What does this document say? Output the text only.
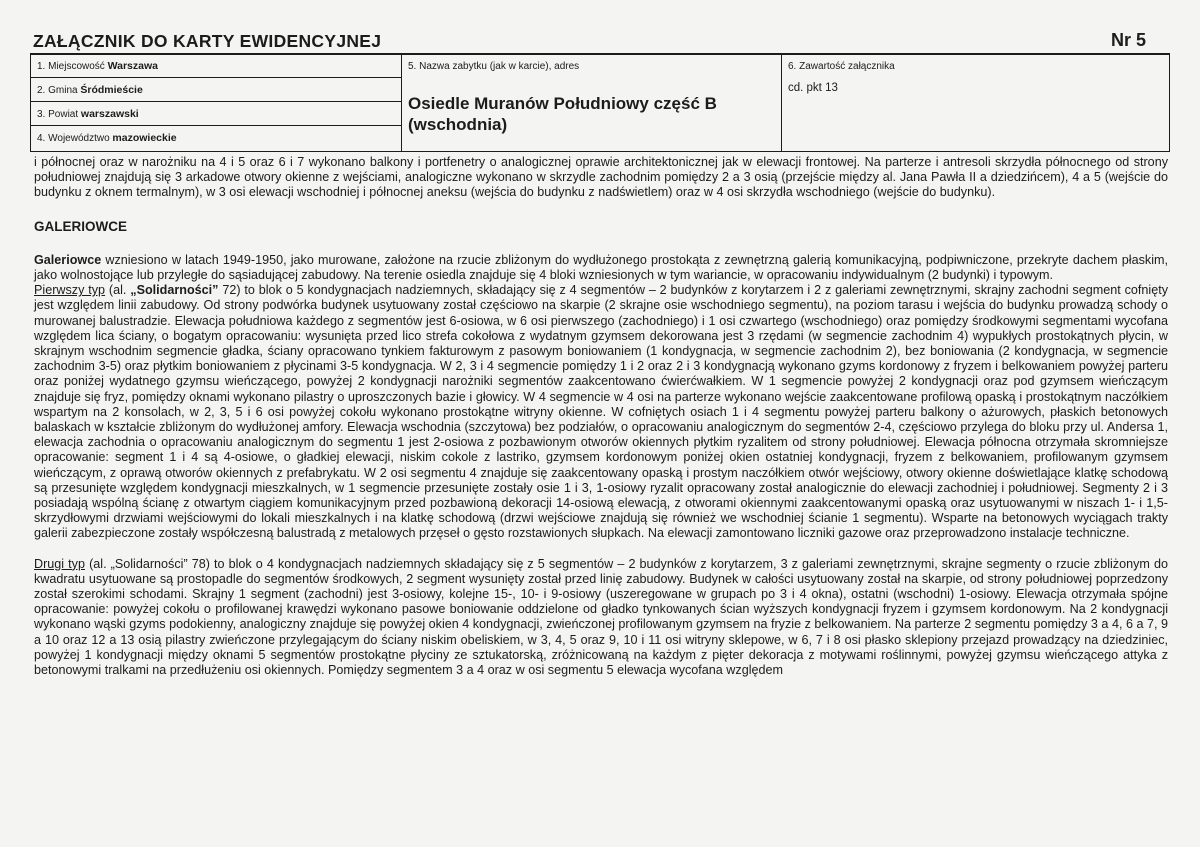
ZAŁĄCZNIK DO KARTY EWIDENCYJNEJ	Nr 5
1. Miejscowość Warszawa
2. Gmina Śródmieście
3. Powiat warszawski
4. Województwo mazowieckie
5. Nazwa zabytku (jak w karcie), adres
Osiedle Muranów Południowy część B (wschodnia)
6. Zawartość załącznika
cd. pkt 13

i północnej oraz w narożniku na 4 i 5 oraz 6 i 7 wykonano balkony i portfenetry o analogicznej oprawie architektonicznej jak w elewacji frontowej. Na parterze i antresoli skrzydła północnego od strony południowej znajdują się 3 arkadowe otwory okienne z wejściami, analogiczne wykonano w skrzydle zachodnim pomiędzy 2 a 3 osią (przejście między al. Jana Pawła II a dziedzińcem), 4 a 5 (wejście do budynku z oknem termalnym), w 3 osi elewacji wschodniej i północnej aneksu (wejścia do budynku z nadświetlem) oraz w 4 osi skrzydła wschodniego (wejście do budynku).

GALERIOWCE

Galeriowce wzniesiono w latach 1949-1950, jako murowane, założone na rzucie zbliżonym do wydłużonego prostokąta z zewnętrzną galerią komunikacyjną, podpiwniczone, przekryte dachem płaskim, jako wolnostojące lub przyległe do sąsiadującej zabudowy. Na terenie osiedla znajduje się 4 bloki wzniesionych w tym wariancie, w opracowaniu indywidualnym (2 budynki) i typowym.

Pierwszy typ (al. „Solidarności” 72) to blok o 5 kondygnacjach nadziemnych, składający się z 4 segmentów – 2 budynków z korytarzem i 2 z galeriami zewnętrznymi, skrajny zachodni segment cofnięty jest względem linii zabudowy. Od strony podwórka budynek usytuowany został częściowo na skarpie (2 skrajne osie wschodniego segmentu), na poziom tarasu i wejścia do budynku prowadzą schody o murowanej balustradzie. Elewacja południowa każdego z segmentów jest 6-osiowa, w 6 osi pierwszego (zachodniego) i 1 osi czwartego (wschodniego) oraz pomiędzy środkowymi segmentami wycofana względem lica ściany, o bogatym opracowaniu: wysunięta przed lico strefa cokołowa z wydatnym gzymsem dekorowana jest 3 rzędami (w segmencie zachodnim 4) wypukłych prostokątnych płycin, w skrajnym wschodnim segmencie gładka, ściany opracowano tynkiem fakturowym z pasowym boniowaniem (1 kondygnacja, w segmencie zachodnim 2), bez boniowania (2 kondygnacja, w segmencie zachodnim 3-5) oraz płytkim boniowaniem z płycinami 3-5 kondygnacja. W 2, 3 i 4 segmencie pomiędzy 1 i 2 oraz 2 i 3 kondygnacją wykonano gzyms kordonowy z fryzem i belkowaniem powyżej parteru oraz poniżej wydatnego gzymsu wieńczącego, powyżej 2 kondygnacji narożniki segmentów zaakcentowano ćwierćwałkiem. W 1 segmencie powyżej 2 kondygnacji oraz pod gzymsem wieńczącym znajduje się fryz, pomiędzy oknami wykonano pilastry o uproszczonych bazie i głowicy. W 4 segmencie w 4 osi na parterze wykonano wejście zaakcentowane profilową opaską i prostokątnym naczółkiem wspartym na 2 konsolach, w 2, 3, 5 i 6 osi powyżej cokołu wykonano prostokątne witryny okienne. W cofniętych osiach 1 i 4 segmentu powyżej parteru balkony o ażurowych, płaskich betonowych balaskach w kształcie zbliżonym do wydłużonej amfory. Elewacja wschodnia (szczytowa) bez podziałów, o opracowaniu analogicznym do segmentów 2-4, częściowo przylega do bloku przy ul. Andersa 1, elewacja zachodnia o opracowaniu analogicznym do segmentu 1 jest 2-osiowa z pozbawionym otworów okiennych płytkim ryzalitem od strony południowej. Elewacja północna otrzymała skromniejsze opracowanie: segment 1 i 4 są 4-osiowe, o gładkiej elewacji, niskim cokole z lastriko, gzymsem kordonowym poniżej okien ostatniej kondygnacji, fryzem z belkowaniem, profilowanym gzymsem wieńczącym, z oprawą otworów okiennych z prefabrykatu. W 2 osi segmentu 4 znajduje się zaakcentowany opaską i prostym naczółkiem otwór wejściowy, otwory okienne doświetlające klatkę schodową są przesunięte względem kondygnacji mieszkalnych, w 1 segmencie przesunięte zostały osie 1 i 3, 1-osiowy ryzalit opracowany został analogicznie do elewacji zachodniej i południowej. Segmenty 2 i 3 posiadają wspólną ścianę z otwartym ciągiem komunikacyjnym przed pozbawioną dekoracji 14-osiową elewacją, z otworami okiennymi zaakcentowanymi opaską oraz usytuowanymi w niszach 1- i 1,5-skrzydłowymi drzwiami wejściowymi do lokali mieszkalnych i na klatkę schodową (drzwi wejściowe znajdują się również we wschodniej ścianie 1 segmentu). Wsparte na betonowych wyciągach trakty galerii zabezpieczone zostały współczesną balustradą z metalowych przęseł o gęsto rozstawionych słupkach. Na elewacji zamontowano liczniki gazowe oraz przeprowadzono instalacje techniczne.

Drugi typ (al. „Solidarności” 78) to blok o 4 kondygnacjach nadziemnych składający się z 5 segmentów – 2 budynków z korytarzem, 3 z galeriami zewnętrznymi, skrajne segmenty o rzucie zbliżonym do kwadratu usytuowane są prostopadle do segmentów środkowych, 2 segment wysunięty został przed linię zabudowy. Budynek w całości usytuowany został na skarpie, od strony południowej poprzedzony został szerokimi schodami. Skrajny 1 segment (zachodni) jest 3-osiowy, kolejne 15-, 10- i 9-osiowy (uszeregowane w grupach po 3 i 4 okna), ostatni (wschodni) 1-osiowy. Elewacja otrzymała spójne opracowanie: powyżej cokołu o profilowanej krawędzi wykonano pasowe boniowanie oddzielone od gładko tynkowanych ścian wyższych kondygnacji fryzem i gzymsem kordonowym. Na 2 kondygnacji wykonano wąski gzyms podokienny, analogiczny znajduje się powyżej okien 4 kondygnacji, zwieńczonej profilowanym gzymsem na fryzie z belkowaniem. Na parterze 2 segmentu pomiędzy 3 a 4, 6 a 7, 9 a 10 oraz 12 a 13 osią pilastry zwieńczone przylegającym do ściany niskim obeliskiem, w 3, 4, 5 oraz 9, 10 i 11 osi witryny sklepowe, w 6, 7 i 8 osi płasko sklepiony przejazd prowadzący na dziedziniec, powyżej 1 kondygnacji między oknami 5 segmentów prostokątne płyciny ze sztukatorską, zróżnicowaną na każdym z pięter dekoracja z motywami roślinnymi, powyżej gzymsu wieńczącego attyka z betonowymi tralkami na przedłużeniu osi okiennych. Pomiędzy segmentem 3 a 4 oraz w osi segmentu 5 elewacja wycofana względem
